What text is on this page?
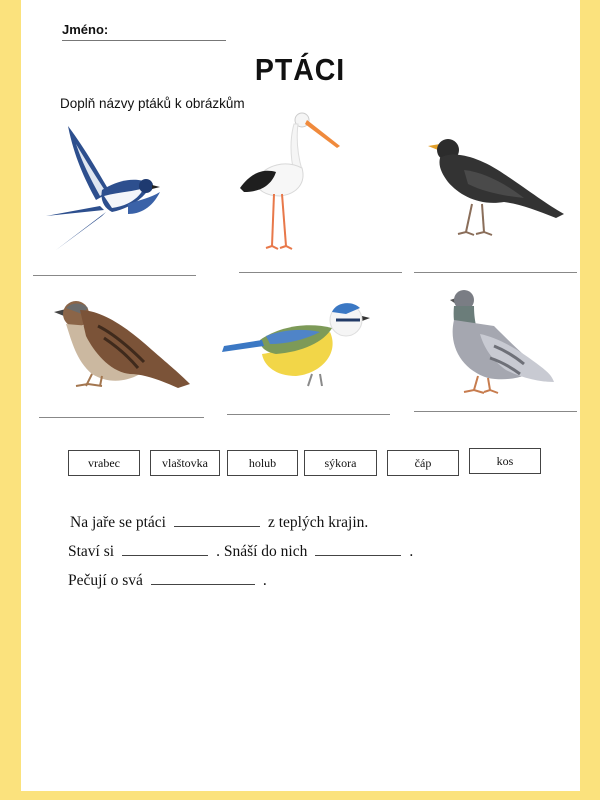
Jméno:
PTÁCI
Doplň názvy ptáků k obrázkům
vrabec	vlaštovka	holub	sýkora	čáp	kos
Na jaře se ptáci	z teplých krajin.
Staví si	. Snáší do nich	.
Pečují o svá	.
